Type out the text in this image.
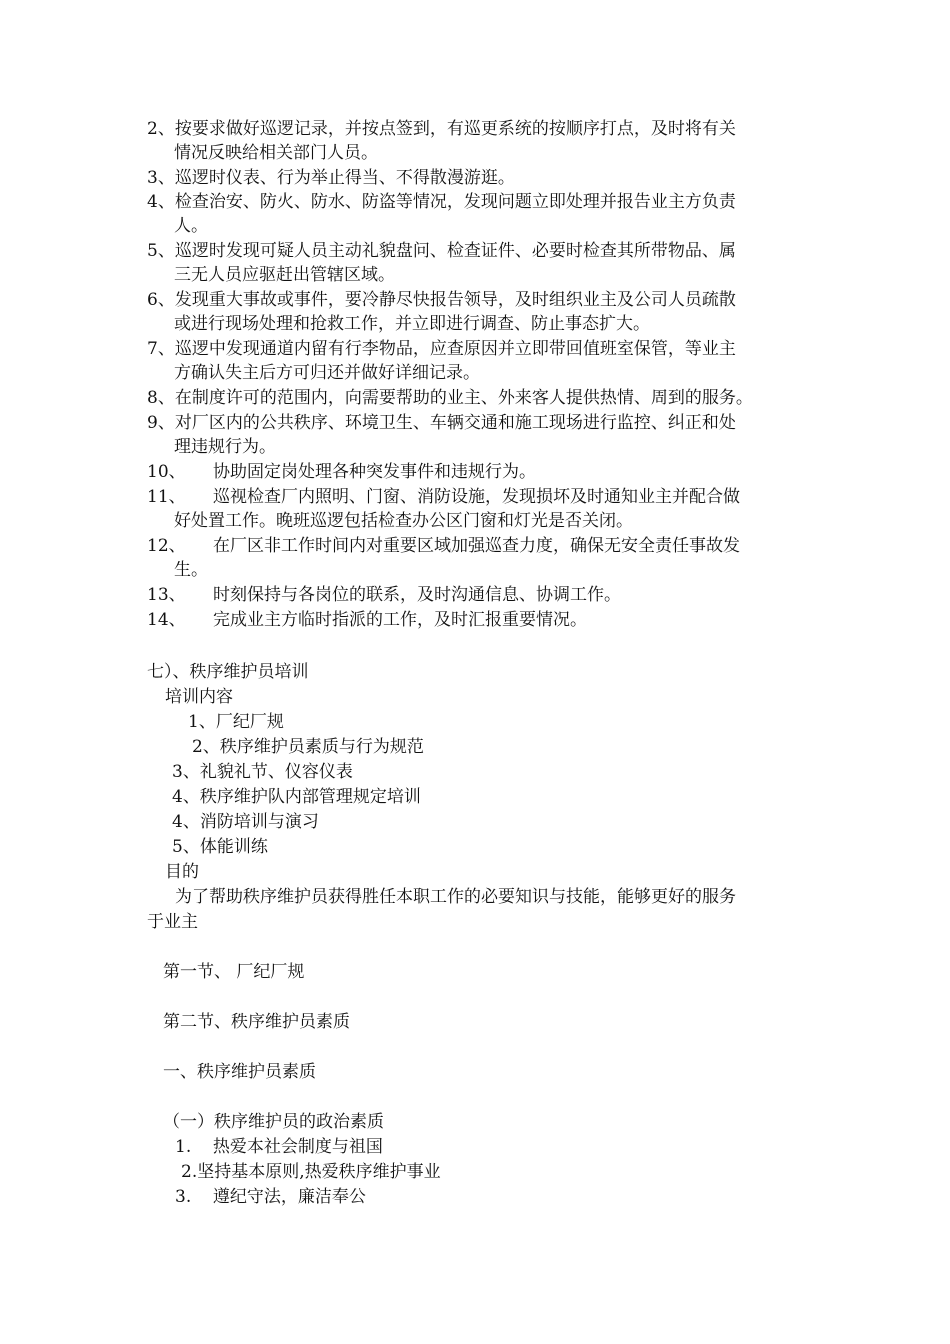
2、按要求做好巡逻记录，并按点签到，有巡更系统的按顺序打点，及时将有关
情况反映给相关部门人员。
3、巡逻时仪表、行为举止得当、不得散漫游逛。
4、检查治安、防火、防水、防盗等情况，发现问题立即处理并报告业主方负责
人。
5、巡逻时发现可疑人员主动礼貌盘问、检查证件、必要时检查其所带物品、属
三无人员应驱赶出管辖区域。
6、发现重大事故或事件，要冷静尽快报告领导，及时组织业主及公司人员疏散
或进行现场处理和抢救工作，并立即进行调查、防止事态扩大。
7、巡逻中发现通道内留有行李物品，应查原因并立即带回值班室保管，等业主
方确认失主后方可归还并做好详细记录。
8、在制度许可的范围内，向需要帮助的业主、外来客人提供热情、周到的服务。
9、对厂区内的公共秩序、环境卫生、车辆交通和施工现场进行监控、纠正和处
理违规行为。
10、 协助固定岗处理各种突发事件和违规行为。
11、 巡视检查厂内照明、门窗、消防设施，发现损坏及时通知业主并配合做
好处置工作。晚班巡逻包括检查办公区门窗和灯光是否关闭。
12、 在厂区非工作时间内对重要区域加强巡查力度，确保无安全责任事故发
生。
13、 时刻保持与各岗位的联系，及时沟通信息、协调工作。
14、 完成业主方临时指派的工作，及时汇报重要情况。
七）、秩序维护员培训
培训内容
1、厂纪厂规
2、秩序维护员素质与行为规范
3、礼貌礼节、仪容仪表
4、秩序维护队内部管理规定培训
4、消防培训与演习
5、体能训练
目的
为了帮助秩序维护员获得胜任本职工作的必要知识与技能，能够更好的服务
于业主
第一节、 厂纪厂规
第二节、秩序维护员素质
一、秩序维护员素质
（一）秩序维护员的政治素质
1.    热爱本社会制度与祖国
2.坚持基本原则,热爱秩序维护事业
3.    遵纪守法，廉洁奉公
